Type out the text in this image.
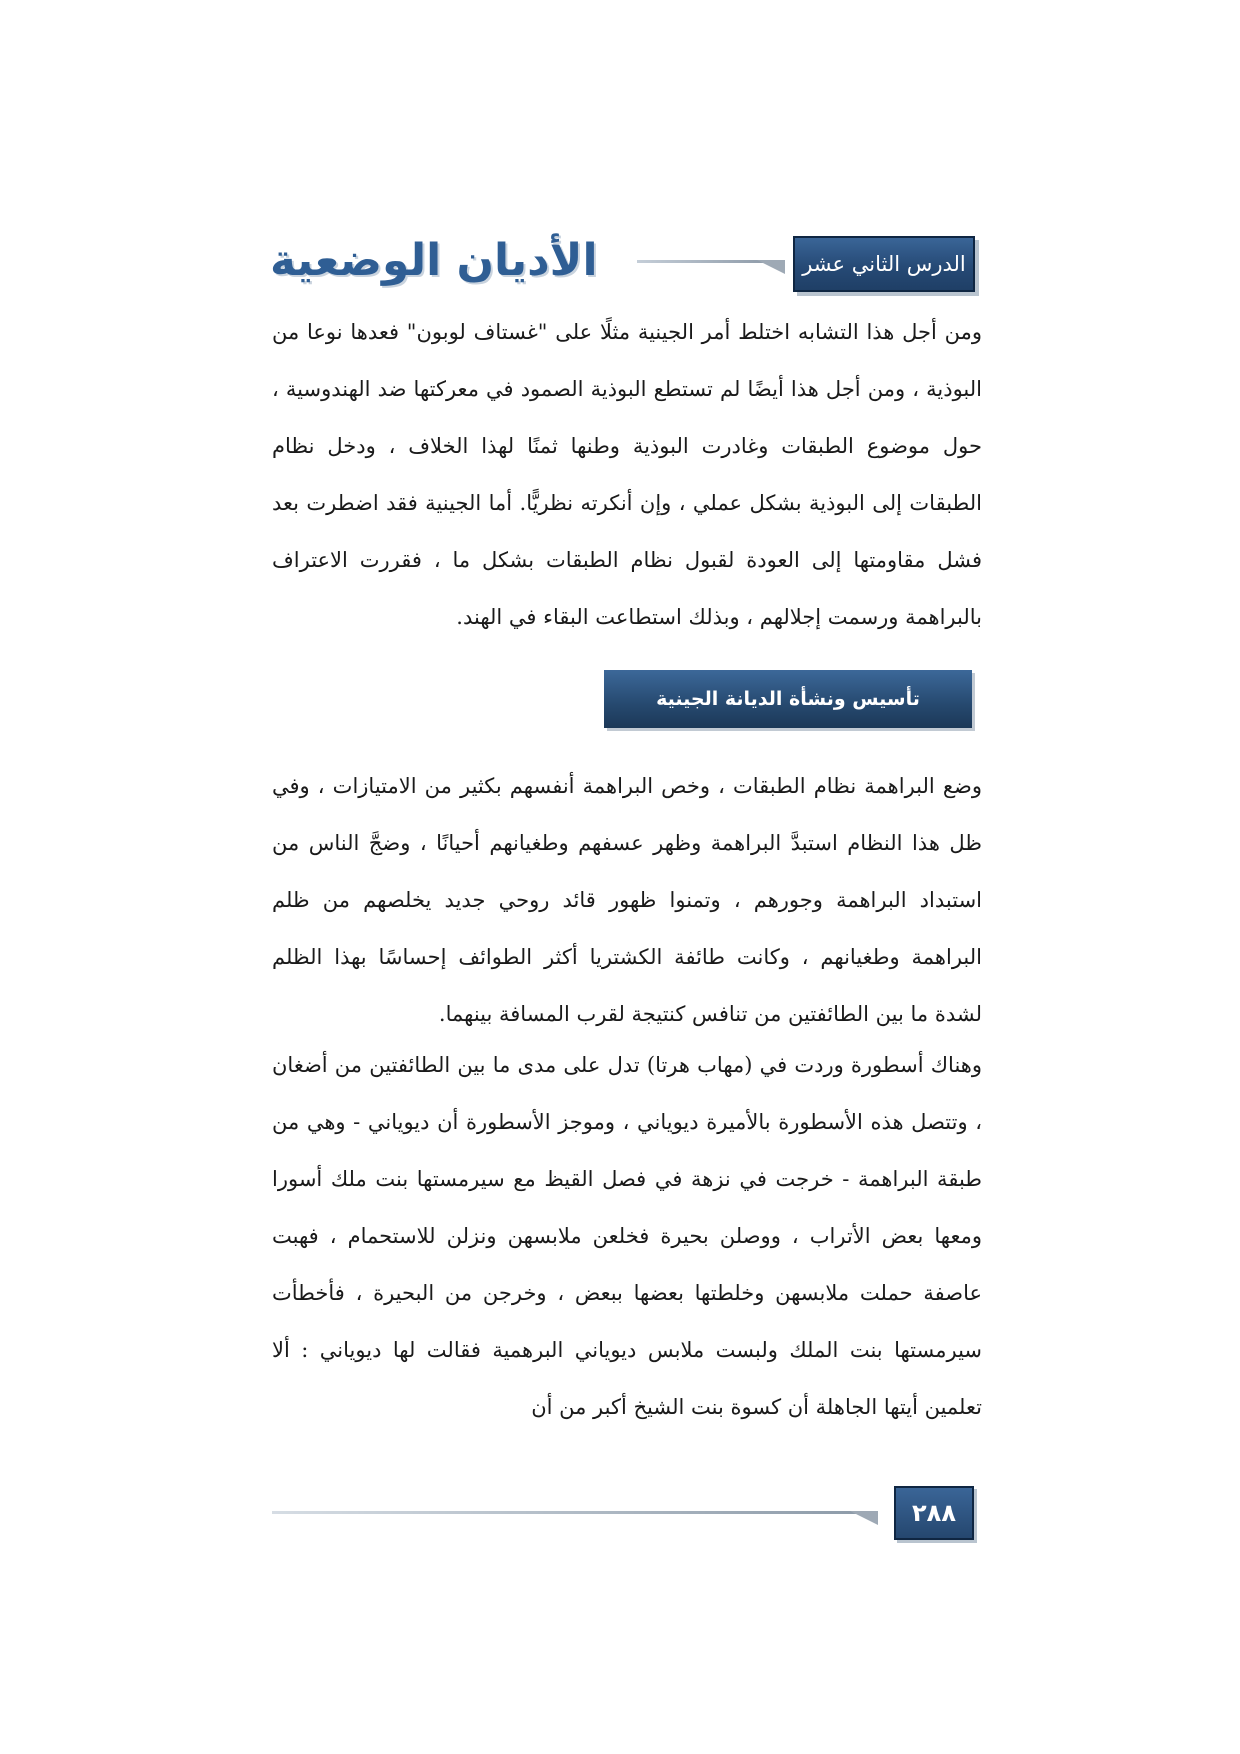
الأديان الوضعية	الدرس الثاني عشر

ومن أجل هذا التشابه اختلط أمر الجينية مثلًا على "غستاف لوبون" فعدها نوعا من البوذية ، ومن أجل هذا أيضًا لم تستطع البوذية الصمود في معركتها ضد الهندوسية ، حول موضوع الطبقات وغادرت البوذية وطنها ثمنًا لهذا الخلاف ، ودخل نظام الطبقات إلى البوذية بشكل عملي ، وإن أنكرته نظريًّا. أما الجينية فقد اضطرت بعد فشل مقاومتها إلى العودة لقبول نظام الطبقات بشكل ما ، فقررت الاعتراف بالبراهمة ورسمت إجلالهم ، وبذلك استطاعت البقاء في الهند.

تأسيس ونشأة الديانة الجينية

وضع البراهمة نظام الطبقات ، وخص البراهمة أنفسهم بكثير من الامتيازات ، وفي ظل هذا النظام استبدَّ البراهمة وظهر عسفهم وطغيانهم أحيانًا ، وضجَّ الناس من استبداد البراهمة وجورهم ، وتمنوا ظهور قائد روحي جديد يخلصهم من ظلم البراهمة وطغيانهم ، وكانت طائفة الكشتريا أكثر الطوائف إحساسًا بهذا الظلم لشدة ما بين الطائفتين من تنافس كنتيجة لقرب المسافة بينهما.

وهناك أسطورة وردت في (مهاب هرتا) تدل على مدى ما بين الطائفتين من أضغان ، وتتصل هذه الأسطورة بالأميرة ديوياني ، وموجز الأسطورة أن ديوياني - وهي من طبقة البراهمة - خرجت في نزهة في فصل القيظ مع سيرمستها بنت ملك أسورا ومعها بعض الأتراب ، ووصلن بحيرة فخلعن ملابسهن ونزلن للاستحمام ، فهبت عاصفة حملت ملابسهن وخلطتها بعضها ببعض ، وخرجن من البحيرة ، فأخطأت سيرمستها بنت الملك ولبست ملابس ديوياني البرهمية فقالت لها ديوياني : ألا تعلمين أيتها الجاهلة أن كسوة بنت الشيخ أكبر من أن

٢٨٨
